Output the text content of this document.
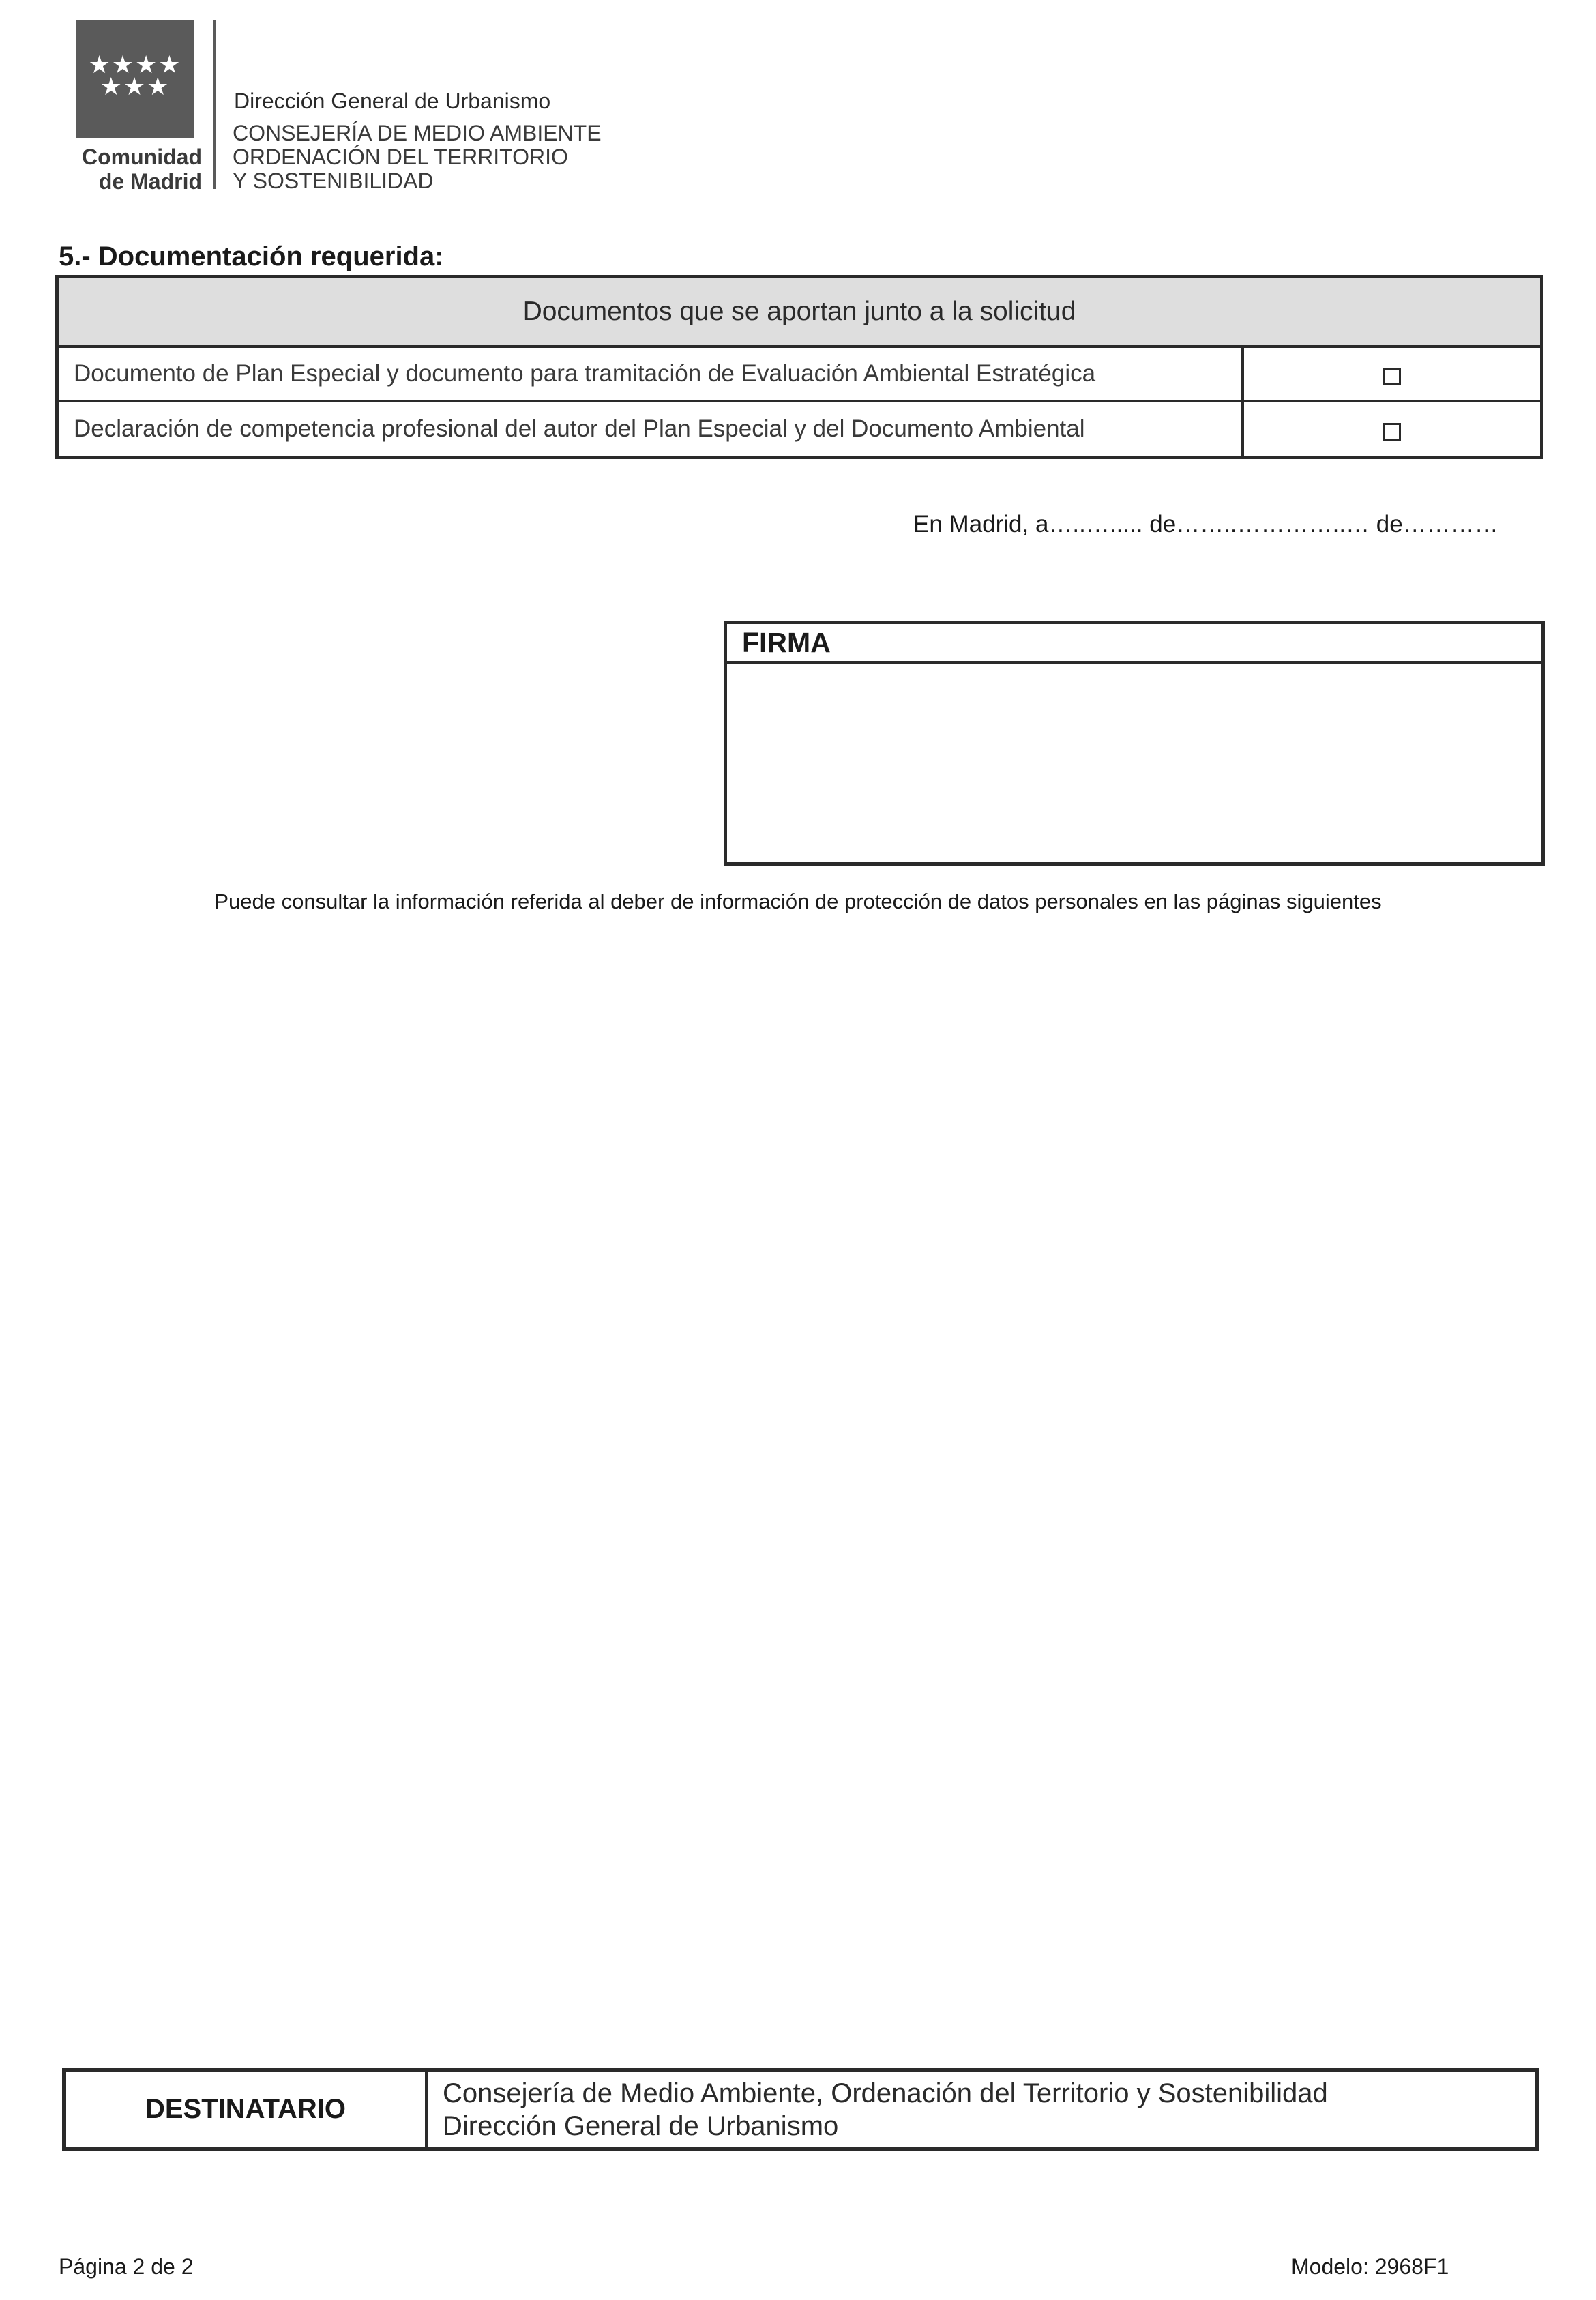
★★★★
★★★
Comunidad
de Madrid
Dirección General de Urbanismo
CONSEJERÍA DE MEDIO AMBIENTE
ORDENACIÓN DEL TERRITORIO
Y SOSTENIBILIDAD
5.- Documentación requerida:
Documentos que se aportan junto a la solicitud
Documento de Plan Especial y documento para tramitación de Evaluación Ambiental Estratégica
Declaración de competencia profesional del autor del Plan Especial y del Documento Ambiental
En Madrid, a…..…..... de……..…………..… de…………
FIRMA
Puede consultar la información referida al deber de información de protección de datos personales en las páginas siguientes
DESTINATARIO
Consejería de Medio Ambiente, Ordenación del Territorio y Sostenibilidad
Dirección General de Urbanismo
Página 2 de 2	Modelo: 2968F1
